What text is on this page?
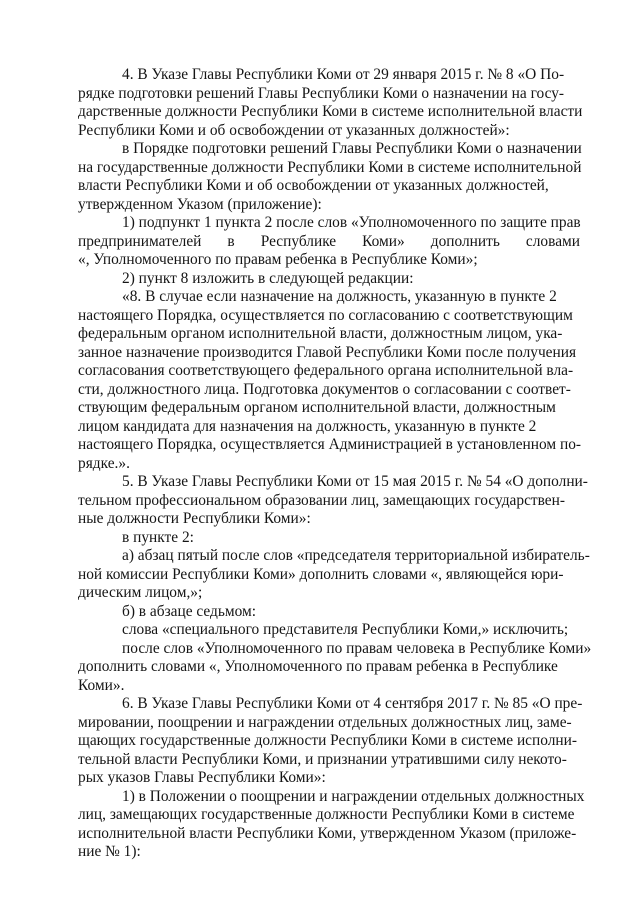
4. В Указе Главы Республики Коми от 29 января 2015 г. № 8 «О По-
рядке подготовки решений Главы Республики Коми о назначении на госу-
дарственные должности Республики Коми в системе исполнительной власти
Республики Коми и об освобождении от указанных должностей»:
в Порядке подготовки решений Главы Республики Коми о назначении
на государственные должности Республики Коми в системе исполнительной
власти Республики Коми и об освобождении от указанных должностей,
утвержденном Указом (приложение):
1) подпункт 1 пункта 2 после слов «Уполномоченного по защите прав
предпринимателей в Республике Коми» дополнить словами
«, Уполномоченного по правам ребенка в Республике Коми»;
2) пункт 8 изложить в следующей редакции:
«8. В случае если назначение на должность, указанную в пункте 2
настоящего Порядка, осуществляется по согласованию с соответствующим
федеральным органом исполнительной власти, должностным лицом, ука-
занное назначение производится Главой Республики Коми после получения
согласования соответствующего федерального органа исполнительной вла-
сти, должностного лица. Подготовка документов о согласовании с соответ-
ствующим федеральным органом исполнительной власти, должностным
лицом кандидата для назначения на должность, указанную в пункте 2
настоящего Порядка, осуществляется Администрацией в установленном по-
рядке.».
5. В Указе Главы Республики Коми от 15 мая 2015 г. № 54 «О дополни-
тельном профессиональном образовании лиц, замещающих государствен-
ные должности Республики Коми»:
в пункте 2:
а) абзац пятый после слов «председателя территориальной избиратель-
ной комиссии Республики Коми» дополнить словами «, являющейся юри-
дическим лицом,»;
б) в абзаце седьмом:
слова «специального представителя Республики Коми,» исключить;
после слов «Уполномоченного по правам человека в Республике Коми»
дополнить словами «, Уполномоченного по правам ребенка в Республике
Коми».
6. В Указе Главы Республики Коми от 4 сентября 2017 г. № 85 «О пре-
мировании, поощрении и награждении отдельных должностных лиц, заме-
щающих государственные должности Республики Коми в системе исполни-
тельной власти Республики Коми, и признании утратившими силу некото-
рых указов Главы Республики Коми»:
1) в Положении о поощрении и награждении отдельных должностных
лиц, замещающих государственные должности Республики Коми в системе
исполнительной власти Республики Коми, утвержденном Указом (приложе-
ние № 1):
